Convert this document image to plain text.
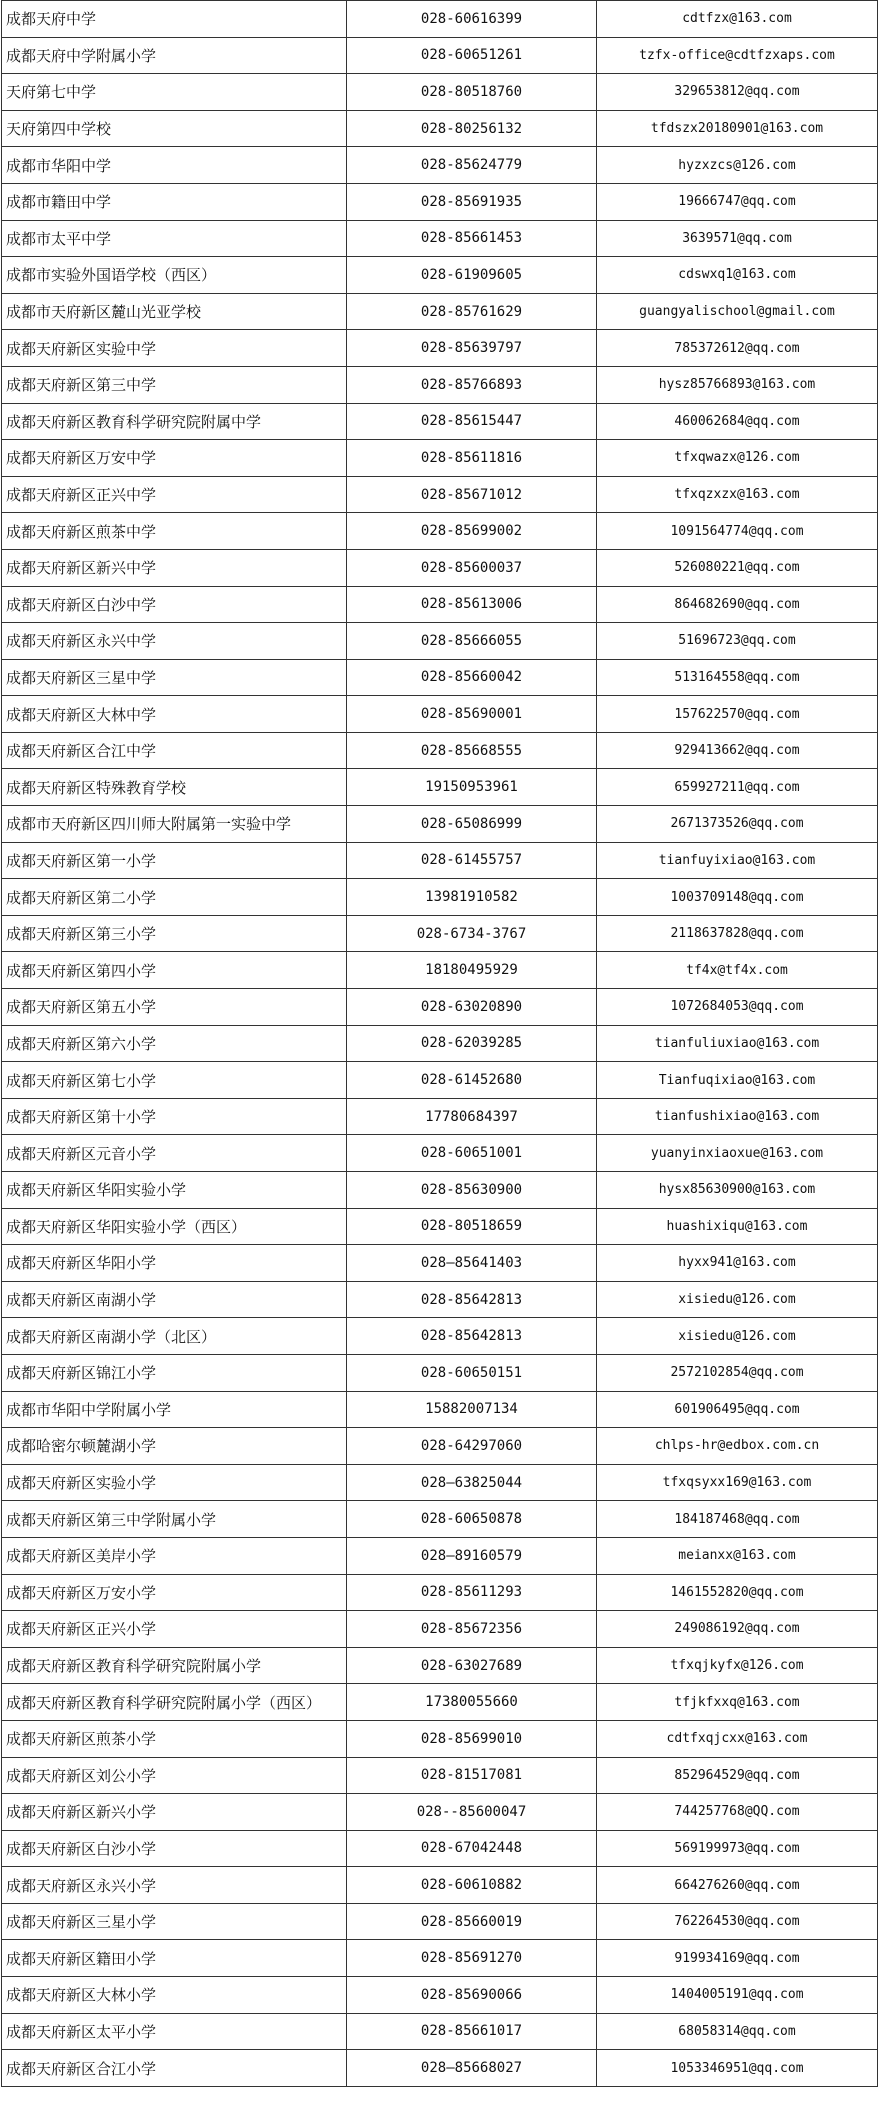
成都天府中学	028-60616399	cdtfzx@163.com
成都天府中学附属小学	028-60651261	tzfx-office@cdtfzxaps.com
天府第七中学	028-80518760	329653812@qq.com
天府第四中学校	028-80256132	tfdszx20180901@163.com
成都市华阳中学	028-85624779	hyzxzcs@126.com
成都市籍田中学	028-85691935	19666747@qq.com
成都市太平中学	028-85661453	3639571@qq.com
成都市实验外国语学校（西区）	028-61909605	cdswxq1@163.com
成都市天府新区麓山光亚学校	028-85761629	guangyalischool@gmail.com
成都天府新区实验中学	028-85639797	785372612@qq.com
成都天府新区第三中学	028-85766893	hysz85766893@163.com
成都天府新区教育科学研究院附属中学	028-85615447	460062684@qq.com
成都天府新区万安中学	028-85611816	tfxqwazx@126.com
成都天府新区正兴中学	028-85671012	tfxqzxzx@163.com
成都天府新区煎茶中学	028-85699002	1091564774@qq.com
成都天府新区新兴中学	028-85600037	526080221@qq.com
成都天府新区白沙中学	028-85613006	864682690@qq.com
成都天府新区永兴中学	028-85666055	51696723@qq.com
成都天府新区三星中学	028-85660042	513164558@qq.com
成都天府新区大林中学	028-85690001	157622570@qq.com
成都天府新区合江中学	028-85668555	929413662@qq.com
成都天府新区特殊教育学校	19150953961	659927211@qq.com
成都市天府新区四川师大附属第一实验中学	028-65086999	2671373526@qq.com
成都天府新区第一小学	028-61455757	tianfuyixiao@163.com
成都天府新区第二小学	13981910582	1003709148@qq.com
成都天府新区第三小学	028-6734-3767	2118637828@qq.com
成都天府新区第四小学	18180495929	tf4x@tf4x.com
成都天府新区第五小学	028-63020890	1072684053@qq.com
成都天府新区第六小学	028-62039285	tianfuliuxiao@163.com
成都天府新区第七小学	028-61452680	Tianfuqixiao@163.com
成都天府新区第十小学	17780684397	tianfushixiao@163.com
成都天府新区元音小学	028-60651001	yuanyinxiaoxue@163.com
成都天府新区华阳实验小学	028-85630900	hysx85630900@163.com
成都天府新区华阳实验小学（西区）	028-80518659	huashixiqu@163.com
成都天府新区华阳小学	028—85641403	hyxx941@163.com
成都天府新区南湖小学	028-85642813	xisiedu@126.com
成都天府新区南湖小学（北区）	028-85642813	xisiedu@126.com
成都天府新区锦江小学	028-60650151	2572102854@qq.com
成都市华阳中学附属小学	15882007134	601906495@qq.com
成都哈密尔顿麓湖小学	028-64297060	chlps-hr@edbox.com.cn
成都天府新区实验小学	028—63825044	tfxqsyxx169@163.com
成都天府新区第三中学附属小学	028-60650878	184187468@qq.com
成都天府新区美岸小学	028—89160579	meianxx@163.com
成都天府新区万安小学	028-85611293	1461552820@qq.com
成都天府新区正兴小学	028-85672356	249086192@qq.com
成都天府新区教育科学研究院附属小学	028-63027689	tfxqjkyfx@126.com
成都天府新区教育科学研究院附属小学（西区）	17380055660	tfjkfxxq@163.com
成都天府新区煎茶小学	028-85699010	cdtfxqjcxx@163.com
成都天府新区刘公小学	028-81517081	852964529@qq.com
成都天府新区新兴小学	028--85600047	744257768@QQ.com
成都天府新区白沙小学	028-67042448	569199973@qq.com
成都天府新区永兴小学	028-60610882	664276260@qq.com
成都天府新区三星小学	028-85660019	762264530@qq.com
成都天府新区籍田小学	028-85691270	919934169@qq.com
成都天府新区大林小学	028-85690066	1404005191@qq.com
成都天府新区太平小学	028-85661017	68058314@qq.com
成都天府新区合江小学	028—85668027	1053346951@qq.com
